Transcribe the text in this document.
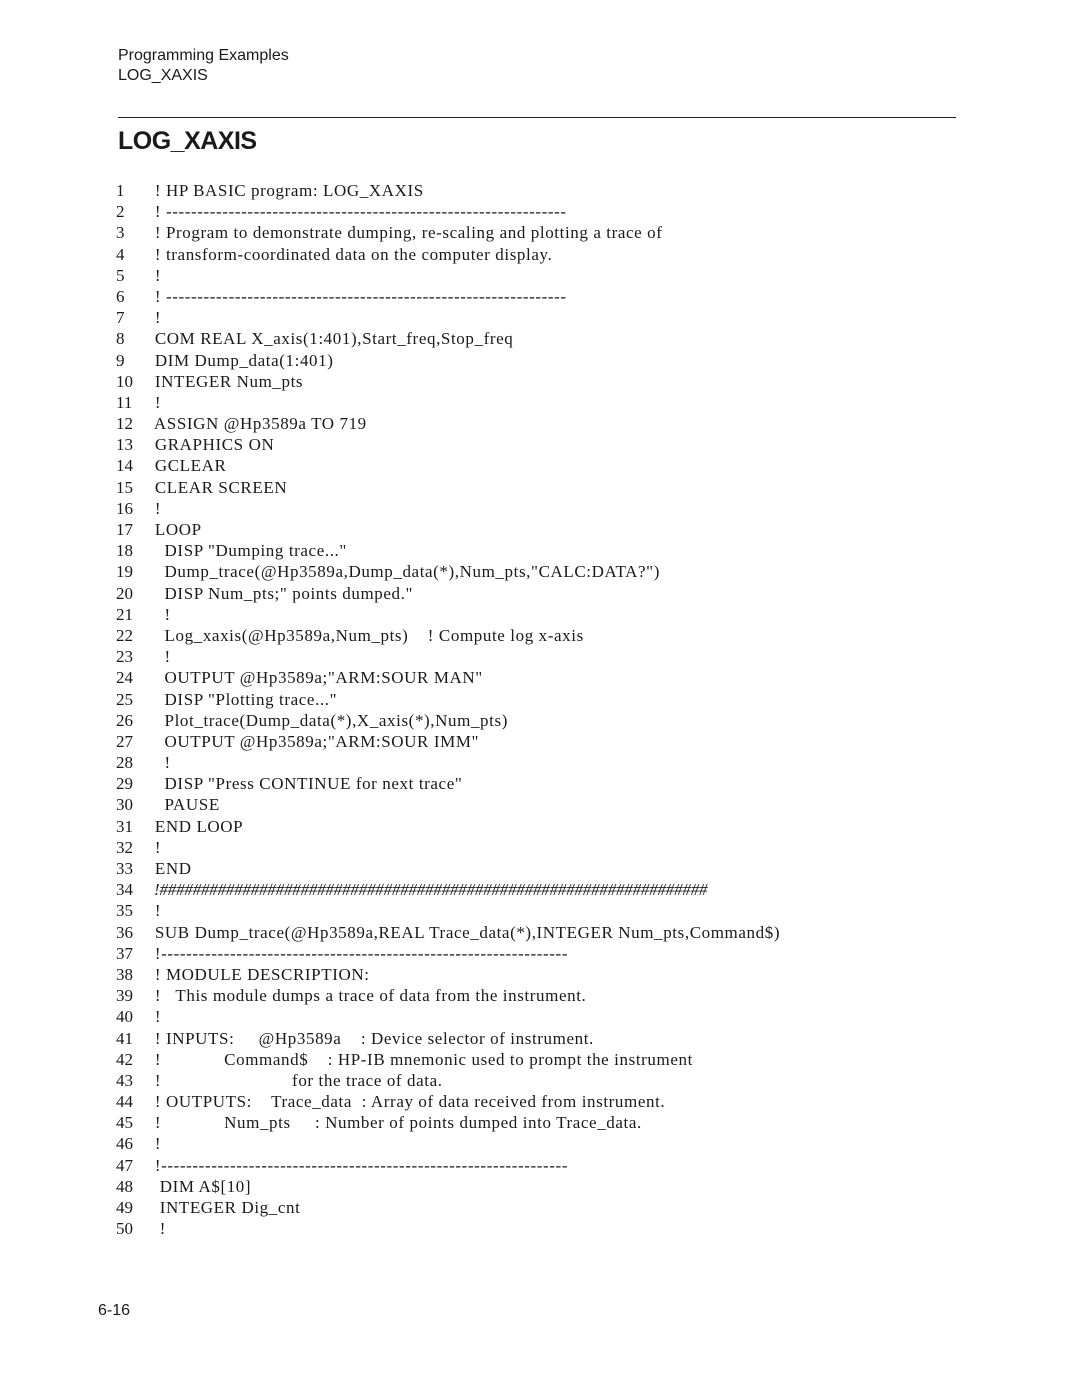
Programming Examples
LOG_XAXIS
LOG_XAXIS
1	! HP BASIC program: LOG_XAXIS
2	! ----------------------------------------------------------------
3	! Program to demonstrate dumping, re-scaling and plotting a trace of
4	! transform-coordinated data on the computer display.
5	!
6	! ----------------------------------------------------------------
7	!
8	COM REAL X_axis(1:401),Start_freq,Stop_freq
9	DIM Dump_data(1:401)
10	INTEGER Num_pts
11	!
12	ASSIGN @Hp3589a TO 719
13	GRAPHICS ON
14	GCLEAR
15	CLEAR SCREEN
16	!
17	LOOP
18	DISP "Dumping trace..."
19	Dump_trace(@Hp3589a,Dump_data(*),Num_pts,"CALC:DATA?")
20	DISP Num_pts;" points dumped."
21	!
22	Log_xaxis(@Hp3589a,Num_pts)    ! Compute log x-axis
23	!
24	OUTPUT @Hp3589a;"ARM:SOUR MAN"
25	DISP "Plotting trace..."
26	Plot_trace(Dump_data(*),X_axis(*),Num_pts)
27	OUTPUT @Hp3589a;"ARM:SOUR IMM"
28	!
29	DISP "Press CONTINUE for next trace"
30	PAUSE
31	END LOOP
32	!
33	END
34	!##################################################################
35	!
36	SUB Dump_trace(@Hp3589a,REAL Trace_data(*),INTEGER Num_pts,Command$)
37	!-----------------------------------------------------------------
38	! MODULE DESCRIPTION:
39	!   This module dumps a trace of data from the instrument.
40	!
41	! INPUTS:     @Hp3589a    : Device selector of instrument.
42	!             Command$    : HP-IB mnemonic used to prompt the instrument
43	!                           for the trace of data.
44	! OUTPUTS:    Trace_data  : Array of data received from instrument.
45	!             Num_pts     : Number of points dumped into Trace_data.
46	!
47	!-----------------------------------------------------------------
48	DIM A$[10]
49	INTEGER Dig_cnt
50	!
6-16
